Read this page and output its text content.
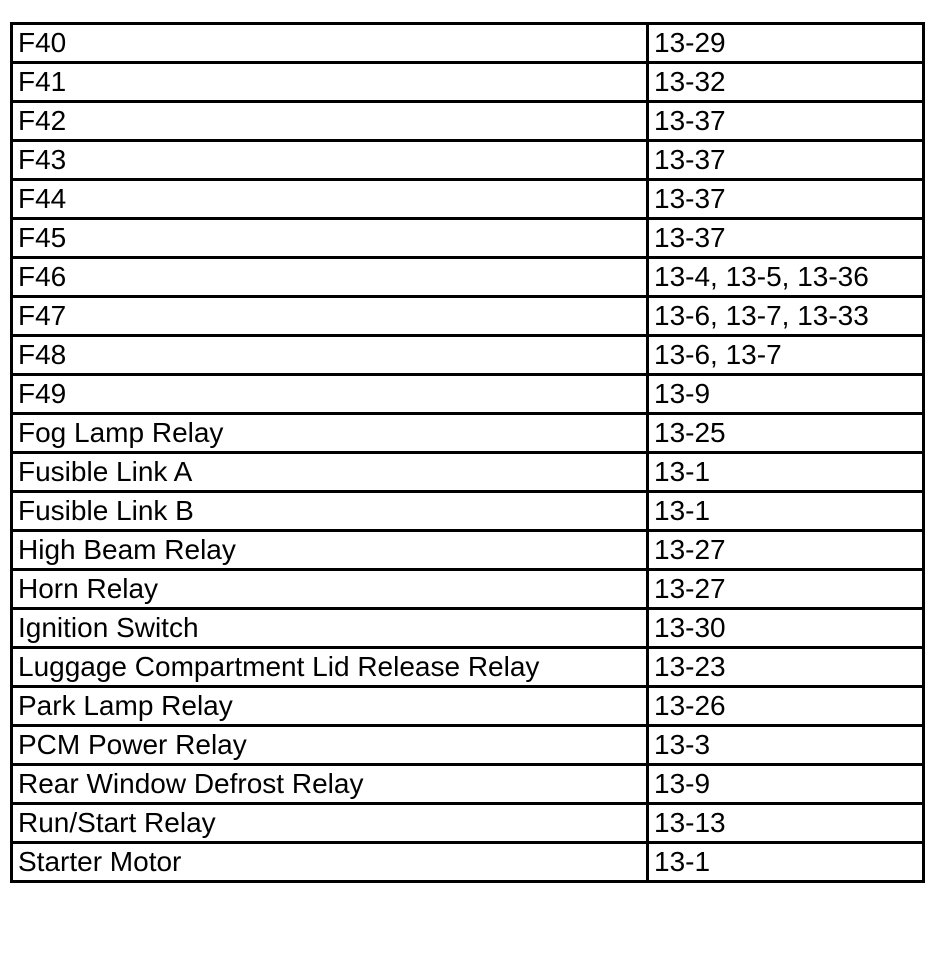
F40	13-29
F41	13-32
F42	13-37
F43	13-37
F44	13-37
F45	13-37
F46	13-4, 13-5, 13-36
F47	13-6, 13-7, 13-33
F48	13-6, 13-7
F49	13-9
Fog Lamp Relay	13-25
Fusible Link A	13-1
Fusible Link B	13-1
High Beam Relay	13-27
Horn Relay	13-27
Ignition Switch	13-30
Luggage Compartment Lid Release Relay	13-23
Park Lamp Relay	13-26
PCM Power Relay	13-3
Rear Window Defrost Relay	13-9
Run/Start Relay	13-13
Starter Motor	13-1
